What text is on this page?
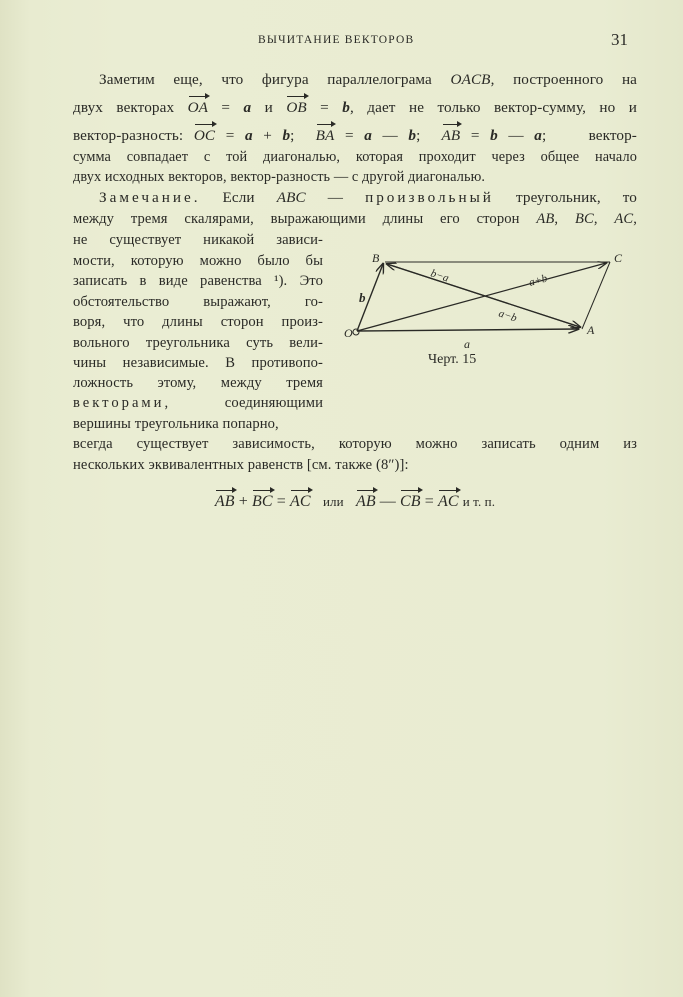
ВЫЧИТАНИЕ ВЕКТОРОВ	31
Заметим еще, что фигура параллелограма OACB, построенного на
двух векторах OA = a и OB = b, дает не только вектор-сумму, но и
вектор-разность: OC = a + b;  BA = a — b;  AB = b — a;    вектор-
сумма совпадает с той диагональю, которая проходит через общее начало
двух исходных векторов, вектор-разность — с другой диагональю.
Замечание. Если ABC — произвольный треугольник, то
между тремя скалярами, выражающими длины его сторон AB, BC, AC,
не существует никакой зависи-
мости, которую можно было бы
записать в виде равенства ¹). Это
обстоятельство выражают, го-
воря, что длины сторон произ-
вольного треугольника суть вели-
чины независимые. В противопо-
ложность этому, между тремя
векторами, соединяющими
вершины треугольника попарно,
всегда существует зависимость, которую можно записать одним из
нескольких эквивалентных равенств [см. также (8″)]:
AB + BC = AC или AB — CB = AC и т. п.
O	A
B	C
a
b
b−a	a+b
a−b
Черт. 15
